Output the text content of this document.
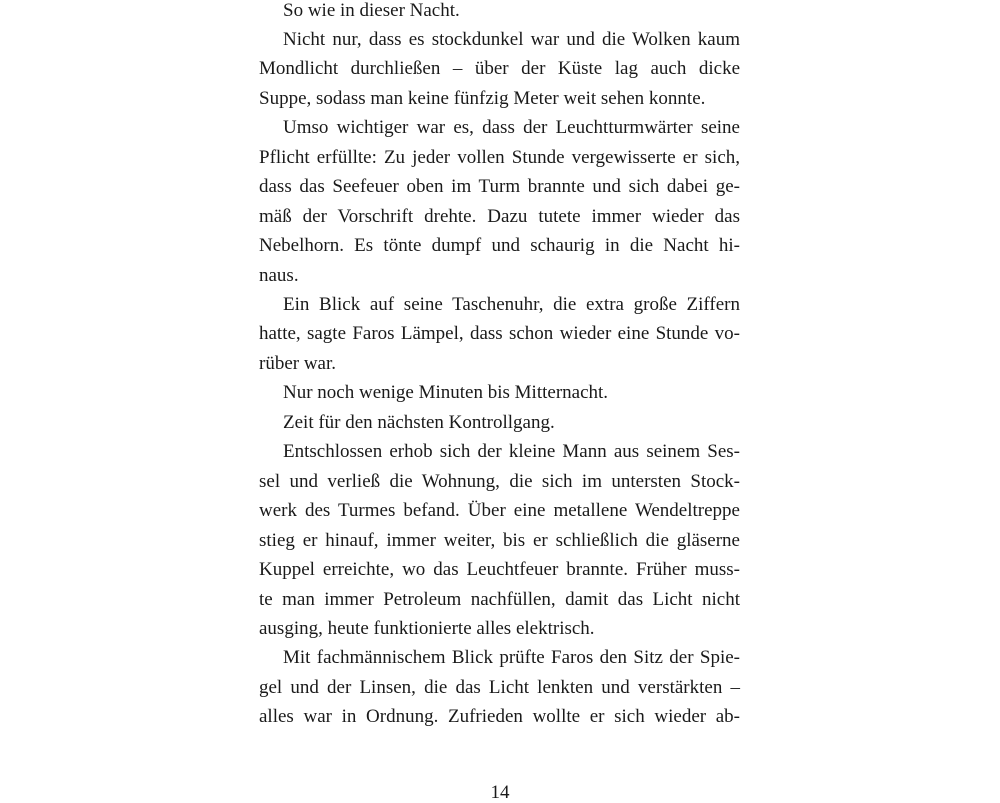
So wie in dieser Nacht.
Nicht nur, dass es stockdunkel war und die Wolken kaum
Mondlicht durchließen – über der Küste lag auch dicke
Suppe, sodass man keine fünfzig Meter weit sehen konnte.
Umso wichtiger war es, dass der Leuchtturmwärter seine
Pflicht erfüllte: Zu jeder vollen Stunde vergewisserte er sich,
dass das Seefeuer oben im Turm brannte und sich dabei ge-
mäß der Vorschrift drehte. Dazu tutete immer wieder das
Nebelhorn. Es tönte dumpf und schaurig in die Nacht hi-
naus.
Ein Blick auf seine Taschenuhr, die extra große Ziffern
hatte, sagte Faros Lämpel, dass schon wieder eine Stunde vo-
rüber war.
Nur noch wenige Minuten bis Mitternacht.
Zeit für den nächsten Kontrollgang.
Entschlossen erhob sich der kleine Mann aus seinem Ses-
sel und verließ die Wohnung, die sich im untersten Stock-
werk des Turmes befand. Über eine metallene Wendeltreppe
stieg er hinauf, immer weiter, bis er schließlich die gläserne
Kuppel erreichte, wo das Leuchtfeuer brannte. Früher muss-
te man immer Petroleum nachfüllen, damit das Licht nicht
ausging, heute funktionierte alles elektrisch.
Mit fachmännischem Blick prüfte Faros den Sitz der Spie-
gel und der Linsen, die das Licht lenkten und verstärkten –
alles war in Ordnung. Zufrieden wollte er sich wieder ab-
14
